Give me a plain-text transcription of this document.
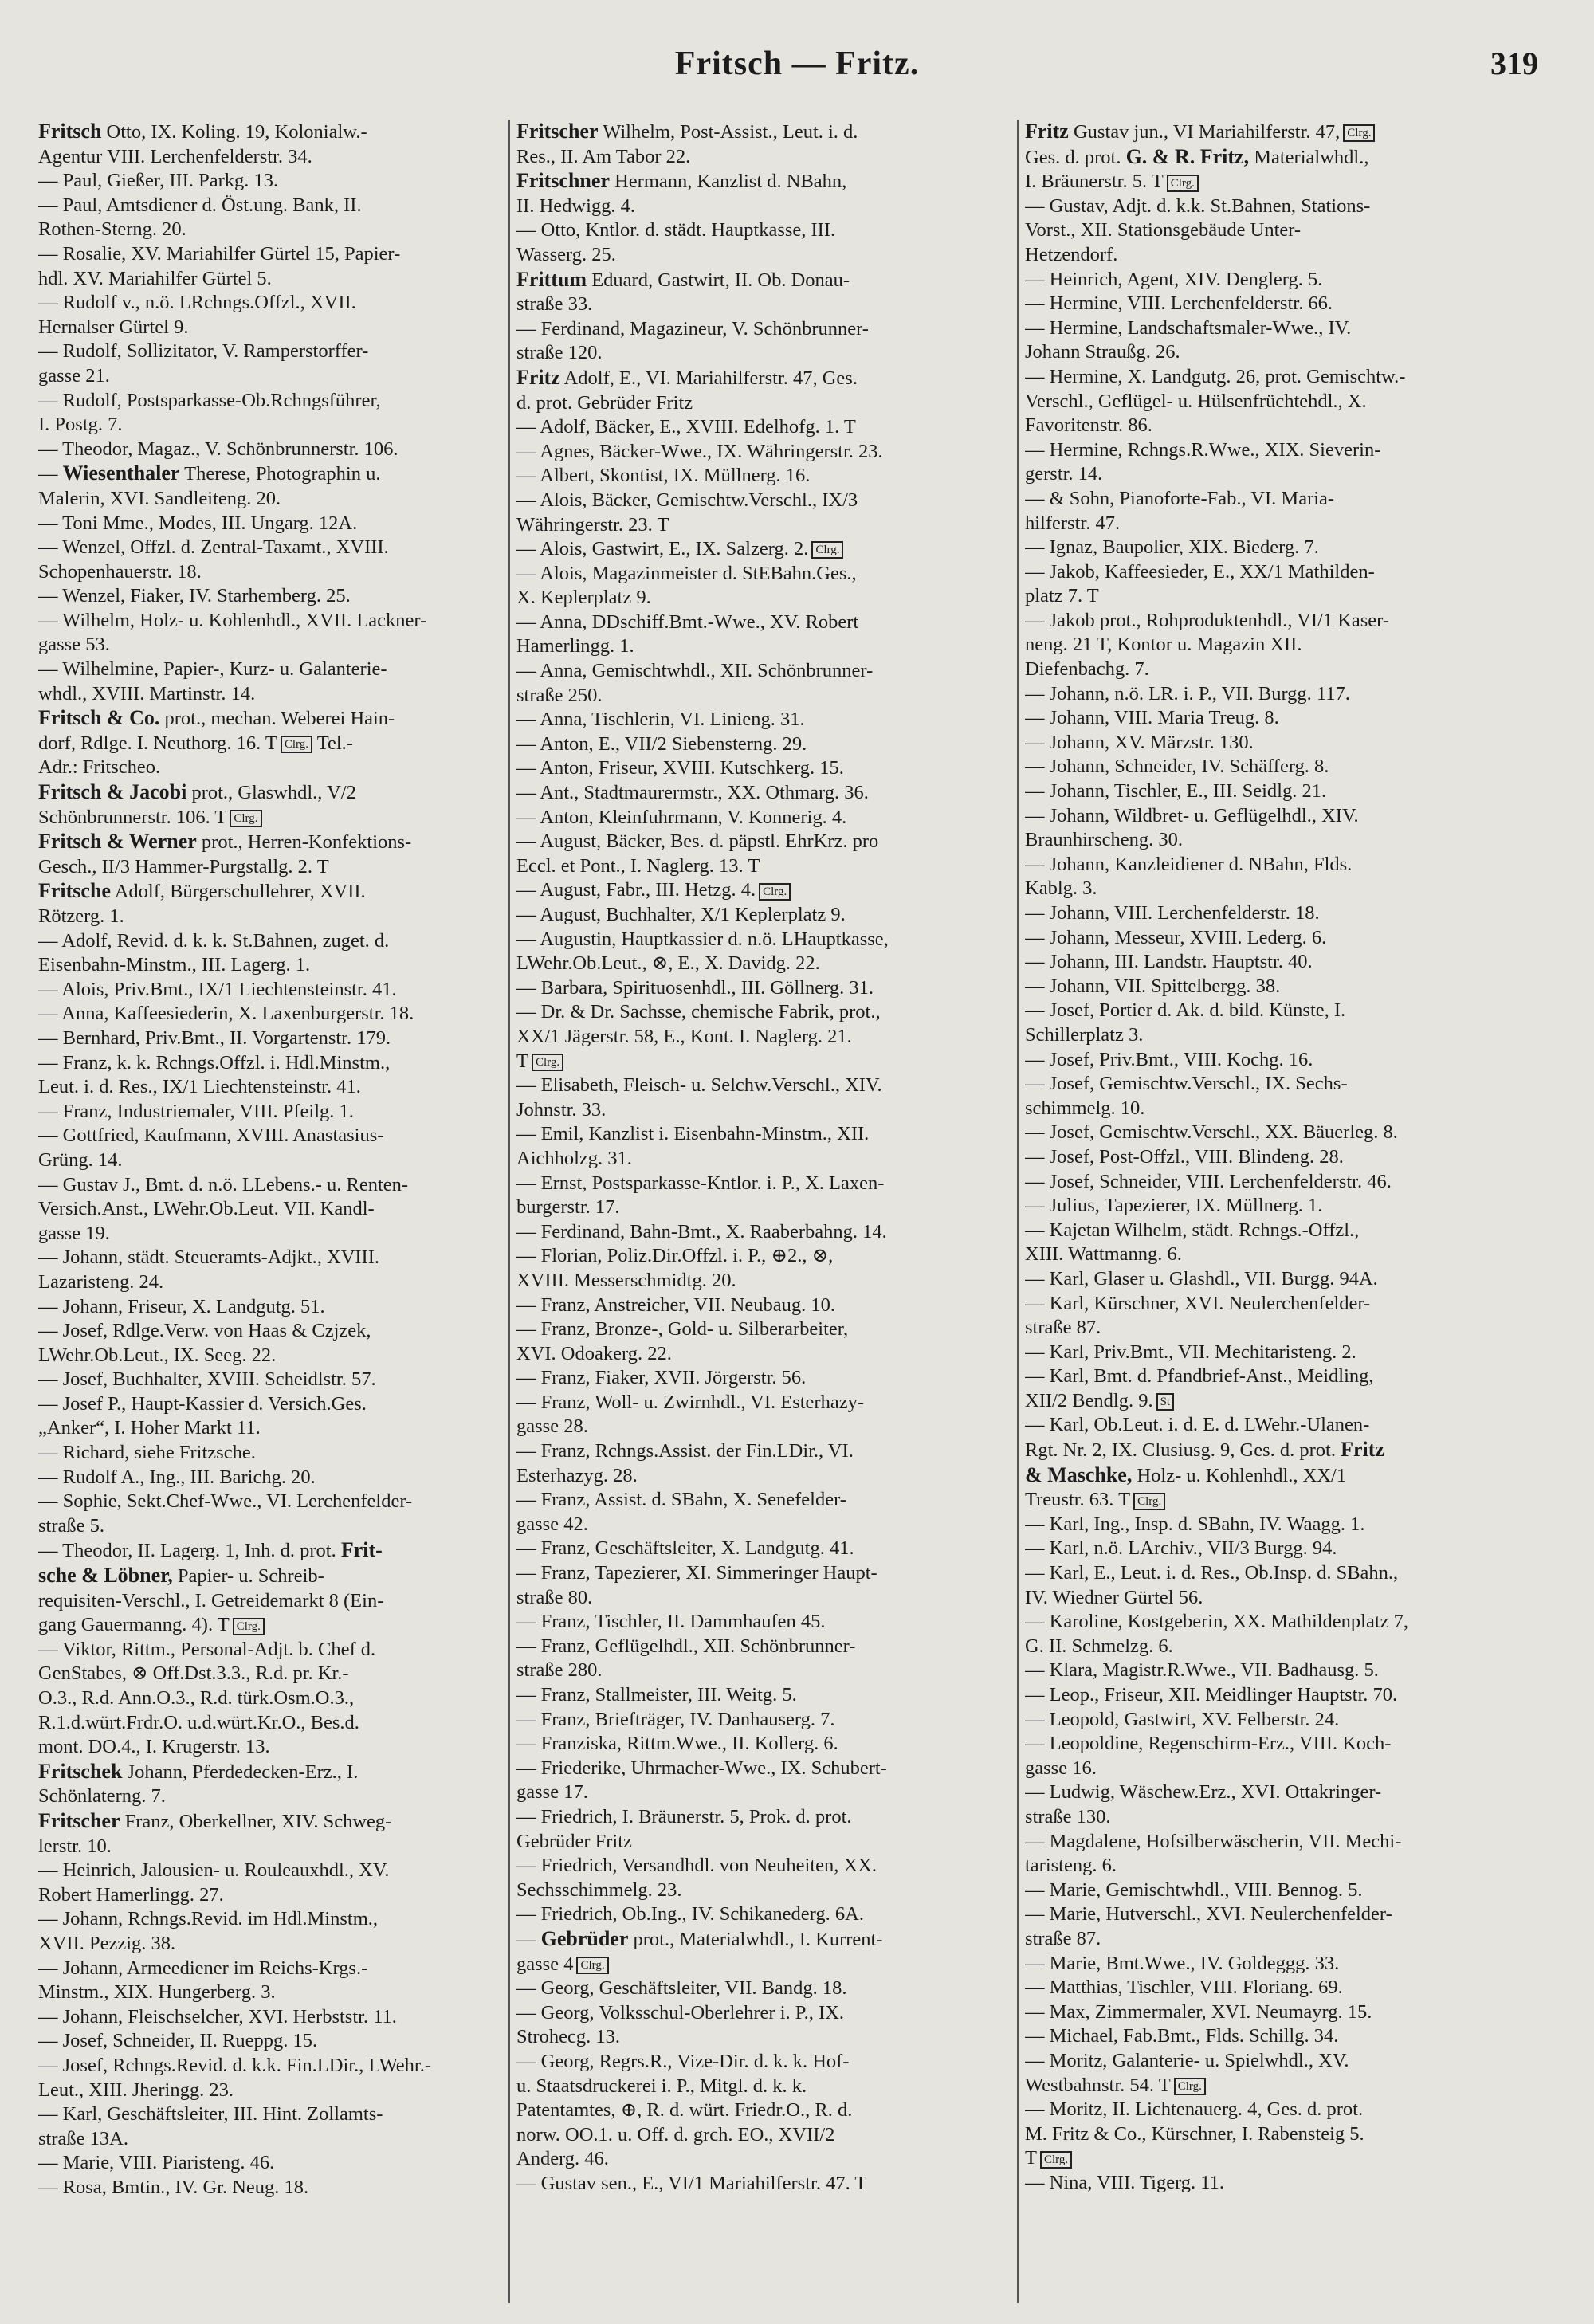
Fritsch — Fritz.	319
Fritsch Otto, IX. Koling. 19, Kolonialw.-
Agentur VIII. Lerchenfelderstr. 34.
— Paul, Gießer, III. Parkg. 13.
— Paul, Amtsdiener d. Öst.ung. Bank, II.
Rothen-Sterng. 20.
— Rosalie, XV. Mariahilfer Gürtel 15, Papier-
hdl. XV. Mariahilfer Gürtel 5.
— Rudolf v., n.ö. LRchngs.Offzl., XVII.
Hernalser Gürtel 9.
— Rudolf, Sollizitator, V. Ramperstorffer-
gasse 21.
— Rudolf, Postsparkasse-Ob.Rchngsführer,
I. Postg. 7.
— Theodor, Magaz., V. Schönbrunnerstr. 106.
— Wiesenthaler Therese, Photographin u.
Malerin, XVI. Sandleiteng. 20.
— Toni Mme., Modes, III. Ungarg. 12A.
— Wenzel, Offzl. d. Zentral-Taxamt., XVIII.
Schopenhauerstr. 18.
— Wenzel, Fiaker, IV. Starhemberg. 25.
— Wilhelm, Holz- u. Kohlenhdl., XVII. Lackner-
gasse 53.
— Wilhelmine, Papier-, Kurz- u. Galanterie-
whdl., XVIII. Martinstr. 14.
Fritsch & Co. prot., mechan. Weberei Hain-
dorf, Rdlge. I. Neuthorg. 16. T Clrg. Tel.-
Adr.: Fritscheo.
Fritsch & Jacobi prot., Glaswhdl., V/2
Schönbrunnerstr. 106. T Clrg.
Fritsch & Werner prot., Herren-Konfektions-
Gesch., II/3 Hammer-Purgstallg. 2. T
Fritsche Adolf, Bürgerschullehrer, XVII.
Rötzerg. 1.
— Adolf, Revid. d. k. k. St.Bahnen, zuget. d.
Eisenbahn-Minstm., III. Lagerg. 1.
— Alois, Priv.Bmt., IX/1 Liechtensteinstr. 41.
— Anna, Kaffeesiederin, X. Laxenburgerstr. 18.
— Bernhard, Priv.Bmt., II. Vorgartenstr. 179.
— Franz, k. k. Rchngs.Offzl. i. Hdl.Minstm.,
Leut. i. d. Res., IX/1 Liechtensteinstr. 41.
— Franz, Industriemaler, VIII. Pfeilg. 1.
— Gottfried, Kaufmann, XVIII. Anastasius-
Grüng. 14.
— Gustav J., Bmt. d. n.ö. LLebens.- u. Renten-
Versich.Anst., LWehr.Ob.Leut. VII. Kandl-
gasse 19.
— Johann, städt. Steueramts-Adjkt., XVIII.
Lazaristeng. 24.
— Johann, Friseur, X. Landgutg. 51.
— Josef, Rdlge.Verw. von Haas & Czjzek,
LWehr.Ob.Leut., IX. Seeg. 22.
— Josef, Buchhalter, XVIII. Scheidlstr. 57.
— Josef P., Haupt-Kassier d. Versich.Ges.
„Anker“, I. Hoher Markt 11.
— Richard, siehe Fritzsche.
— Rudolf A., Ing., III. Barichg. 20.
— Sophie, Sekt.Chef-Wwe., VI. Lerchenfelder-
straße 5.
— Theodor, II. Lagerg. 1, Inh. d. prot. Frit-
sche & Löbner, Papier- u. Schreib-
requisiten-Verschl., I. Getreidemarkt 8 (Ein-
gang Gauermanng. 4). T Clrg.
— Viktor, Rittm., Personal-Adjt. b. Chef d.
GenStabes, ⊗ Off.Dst.3.3., R.d. pr. Kr.-
O.3., R.d. Ann.O.3., R.d. türk.Osm.O.3.,
R.1.d.würt.Frdr.O. u.d.würt.Kr.O., Bes.d.
mont. DO.4., I. Krugerstr. 13.
Fritschek Johann, Pferdedecken-Erz., I.
Schönlaterng. 7.
Fritscher Franz, Oberkellner, XIV. Schweg-
lerstr. 10.
— Heinrich, Jalousien- u. Rouleauxhdl., XV.
Robert Hamerlingg. 27.
— Johann, Rchngs.Revid. im Hdl.Minstm.,
XVII. Pezzig. 38.
— Johann, Armeediener im Reichs-Krgs.-
Minstm., XIX. Hungerberg. 3.
— Johann, Fleischselcher, XVI. Herbststr. 11.
— Josef, Schneider, II. Rueppg. 15.
— Josef, Rchngs.Revid. d. k.k. Fin.LDir., LWehr.-
Leut., XIII. Jheringg. 23.
— Karl, Geschäftsleiter, III. Hint. Zollamts-
straße 13A.
— Marie, VIII. Piaristeng. 46.
— Rosa, Bmtin., IV. Gr. Neug. 18.
Fritscher Wilhelm, Post-Assist., Leut. i. d.
Res., II. Am Tabor 22.
Fritschner Hermann, Kanzlist d. NBahn,
II. Hedwigg. 4.
— Otto, Kntlor. d. städt. Hauptkasse, III.
Wasserg. 25.
Frittum Eduard, Gastwirt, II. Ob. Donau-
straße 33.
— Ferdinand, Magazineur, V. Schönbrunner-
straße 120.
Fritz Adolf, E., VI. Mariahilferstr. 47, Ges.
d. prot. Gebrüder Fritz
— Adolf, Bäcker, E., XVIII. Edelhofg. 1. T
— Agnes, Bäcker-Wwe., IX. Währingerstr. 23.
— Albert, Skontist, IX. Müllnerg. 16.
— Alois, Bäcker, Gemischtw.Verschl., IX/3
Währingerstr. 23. T
— Alois, Gastwirt, E., IX. Salzerg. 2. Clrg.
— Alois, Magazinmeister d. StEBahn.Ges.,
X. Keplerplatz 9.
— Anna, DDschiff.Bmt.-Wwe., XV. Robert
Hamerlingg. 1.
— Anna, Gemischtwhdl., XII. Schönbrunner-
straße 250.
— Anna, Tischlerin, VI. Linieng. 31.
— Anton, E., VII/2 Siebensterng. 29.
— Anton, Friseur, XVIII. Kutschkerg. 15.
— Ant., Stadtmaurermstr., XX. Othmarg. 36.
— Anton, Kleinfuhrmann, V. Konnerig. 4.
— August, Bäcker, Bes. d. päpstl. EhrKrz. pro
Eccl. et Pont., I. Naglerg. 13. T
— August, Fabr., III. Hetzg. 4. Clrg.
— August, Buchhalter, X/1 Keplerplatz 9.
— Augustin, Hauptkassier d. n.ö. LHauptkasse,
LWehr.Ob.Leut., ⊗, E., X. Davidg. 22.
— Barbara, Spirituosenhdl., III. Göllnerg. 31.
— Dr. & Dr. Sachsse, chemische Fabrik, prot.,
XX/1 Jägerstr. 58, E., Kont. I. Naglerg. 21.
T Clrg.
— Elisabeth, Fleisch- u. Selchw.Verschl., XIV.
Johnstr. 33.
— Emil, Kanzlist i. Eisenbahn-Minstm., XII.
Aichholzg. 31.
— Ernst, Postsparkasse-Kntlor. i. P., X. Laxen-
burgerstr. 17.
— Ferdinand, Bahn-Bmt., X. Raaberbahng. 14.
— Florian, Poliz.Dir.Offzl. i. P., ⊕2., ⊗,
XVIII. Messerschmidtg. 20.
— Franz, Anstreicher, VII. Neubaug. 10.
— Franz, Bronze-, Gold- u. Silberarbeiter,
XVI. Odoakerg. 22.
— Franz, Fiaker, XVII. Jörgerstr. 56.
— Franz, Woll- u. Zwirnhdl., VI. Esterhazy-
gasse 28.
— Franz, Rchngs.Assist. der Fin.LDir., VI.
Esterhazyg. 28.
— Franz, Assist. d. SBahn, X. Senefelder-
gasse 42.
— Franz, Geschäftsleiter, X. Landgutg. 41.
— Franz, Tapezierer, XI. Simmeringer Haupt-
straße 80.
— Franz, Tischler, II. Dammhaufen 45.
— Franz, Geflügelhdl., XII. Schönbrunner-
straße 280.
— Franz, Stallmeister, III. Weitg. 5.
— Franz, Briefträger, IV. Danhauserg. 7.
— Franziska, Rittm.Wwe., II. Kollerg. 6.
— Friederike, Uhrmacher-Wwe., IX. Schubert-
gasse 17.
— Friedrich, I. Bräunerstr. 5, Prok. d. prot.
Gebrüder Fritz
— Friedrich, Versandhdl. von Neuheiten, XX.
Sechsschimmelg. 23.
— Friedrich, Ob.Ing., IV. Schikanederg. 6A.
— Gebrüder prot., Materialwhdl., I. Kurrent-
gasse 4 Clrg.
— Georg, Geschäftsleiter, VII. Bandg. 18.
— Georg, Volksschul-Oberlehrer i. P., IX.
Strohecg. 13.
— Georg, Regrs.R., Vize-Dir. d. k. k. Hof-
u. Staatsdruckerei i. P., Mitgl. d. k. k.
Patentamtes, ⊕, R. d. würt. Friedr.O., R. d.
norw. OO.1. u. Off. d. grch. EO., XVII/2
Anderg. 46.
— Gustav sen., E., VI/1 Mariahilferstr. 47. T
Fritz Gustav jun., VI Mariahilferstr. 47, Clrg.
Ges. d. prot. G. & R. Fritz, Materialwhdl.,
I. Bräunerstr. 5. T Clrg.
— Gustav, Adjt. d. k.k. St.Bahnen, Stations-
Vorst., XII. Stationsgebäude Unter-
Hetzendorf.
— Heinrich, Agent, XIV. Denglerg. 5.
— Hermine, VIII. Lerchenfelderstr. 66.
— Hermine, Landschaftsmaler-Wwe., IV.
Johann Straußg. 26.
— Hermine, X. Landgutg. 26, prot. Gemischtw.-
Verschl., Geflügel- u. Hülsenfrüchtehdl., X.
Favoritenstr. 86.
— Hermine, Rchngs.R.Wwe., XIX. Sieverin-
gerstr. 14.
— & Sohn, Pianoforte-Fab., VI. Maria-
hilferstr. 47.
— Ignaz, Baupolier, XIX. Biederg. 7.
— Jakob, Kaffeesieder, E., XX/1 Mathilden-
platz 7. T
— Jakob prot., Rohproduktenhdl., VI/1 Kaser-
neng. 21 T, Kontor u. Magazin XII.
Diefenbachg. 7.
— Johann, n.ö. LR. i. P., VII. Burgg. 117.
— Johann, VIII. Maria Treug. 8.
— Johann, XV. Märzstr. 130.
— Johann, Schneider, IV. Schäfferg. 8.
— Johann, Tischler, E., III. Seidlg. 21.
— Johann, Wildbret- u. Geflügelhdl., XIV.
Braunhirscheng. 30.
— Johann, Kanzleidiener d. NBahn, Flds.
Kablg. 3.
— Johann, VIII. Lerchenfelderstr. 18.
— Johann, Messeur, XVIII. Lederg. 6.
— Johann, III. Landstr. Hauptstr. 40.
— Johann, VII. Spittelbergg. 38.
— Josef, Portier d. Ak. d. bild. Künste, I.
Schillerplatz 3.
— Josef, Priv.Bmt., VIII. Kochg. 16.
— Josef, Gemischtw.Verschl., IX. Sechs-
schimmelg. 10.
— Josef, Gemischtw.Verschl., XX. Bäuerleg. 8.
— Josef, Post-Offzl., VIII. Blindeng. 28.
— Josef, Schneider, VIII. Lerchenfelderstr. 46.
— Julius, Tapezierer, IX. Müllnerg. 1.
— Kajetan Wilhelm, städt. Rchngs.-Offzl.,
XIII. Wattmanng. 6.
— Karl, Glaser u. Glashdl., VII. Burgg. 94A.
— Karl, Kürschner, XVI. Neulerchenfelder-
straße 87.
— Karl, Priv.Bmt., VII. Mechitaristeng. 2.
— Karl, Bmt. d. Pfandbrief-Anst., Meidling,
XII/2 Bendlg. 9. St
— Karl, Ob.Leut. i. d. E. d. LWehr.-Ulanen-
Rgt. Nr. 2, IX. Clusiusg. 9, Ges. d. prot. Fritz
& Maschke, Holz- u. Kohlenhdl., XX/1
Treustr. 63. T Clrg.
— Karl, Ing., Insp. d. SBahn, IV. Waagg. 1.
— Karl, n.ö. LArchiv., VII/3 Burgg. 94.
— Karl, E., Leut. i. d. Res., Ob.Insp. d. SBahn.,
IV. Wiedner Gürtel 56.
— Karoline, Kostgeberin, XX. Mathildenplatz 7,
G. II. Schmelzg. 6.
— Klara, Magistr.R.Wwe., VII. Badhausg. 5.
— Leop., Friseur, XII. Meidlinger Hauptstr. 70.
— Leopold, Gastwirt, XV. Felberstr. 24.
— Leopoldine, Regenschirm-Erz., VIII. Koch-
gasse 16.
— Ludwig, Wäschew.Erz., XVI. Ottakringer-
straße 130.
— Magdalene, Hofsilberwäscherin, VII. Mechi-
taristeng. 6.
— Marie, Gemischtwhdl., VIII. Bennog. 5.
— Marie, Hutverschl., XVI. Neulerchenfelder-
straße 87.
— Marie, Bmt.Wwe., IV. Goldeggg. 33.
— Matthias, Tischler, VIII. Floriang. 69.
— Max, Zimmermaler, XVI. Neumayrg. 15.
— Michael, Fab.Bmt., Flds. Schillg. 34.
— Moritz, Galanterie- u. Spielwhdl., XV.
Westbahnstr. 54. T Clrg.
— Moritz, II. Lichtenauerg. 4, Ges. d. prot.
M. Fritz & Co., Kürschner, I. Rabensteig 5.
T Clrg.
— Nina, VIII. Tigerg. 11.
